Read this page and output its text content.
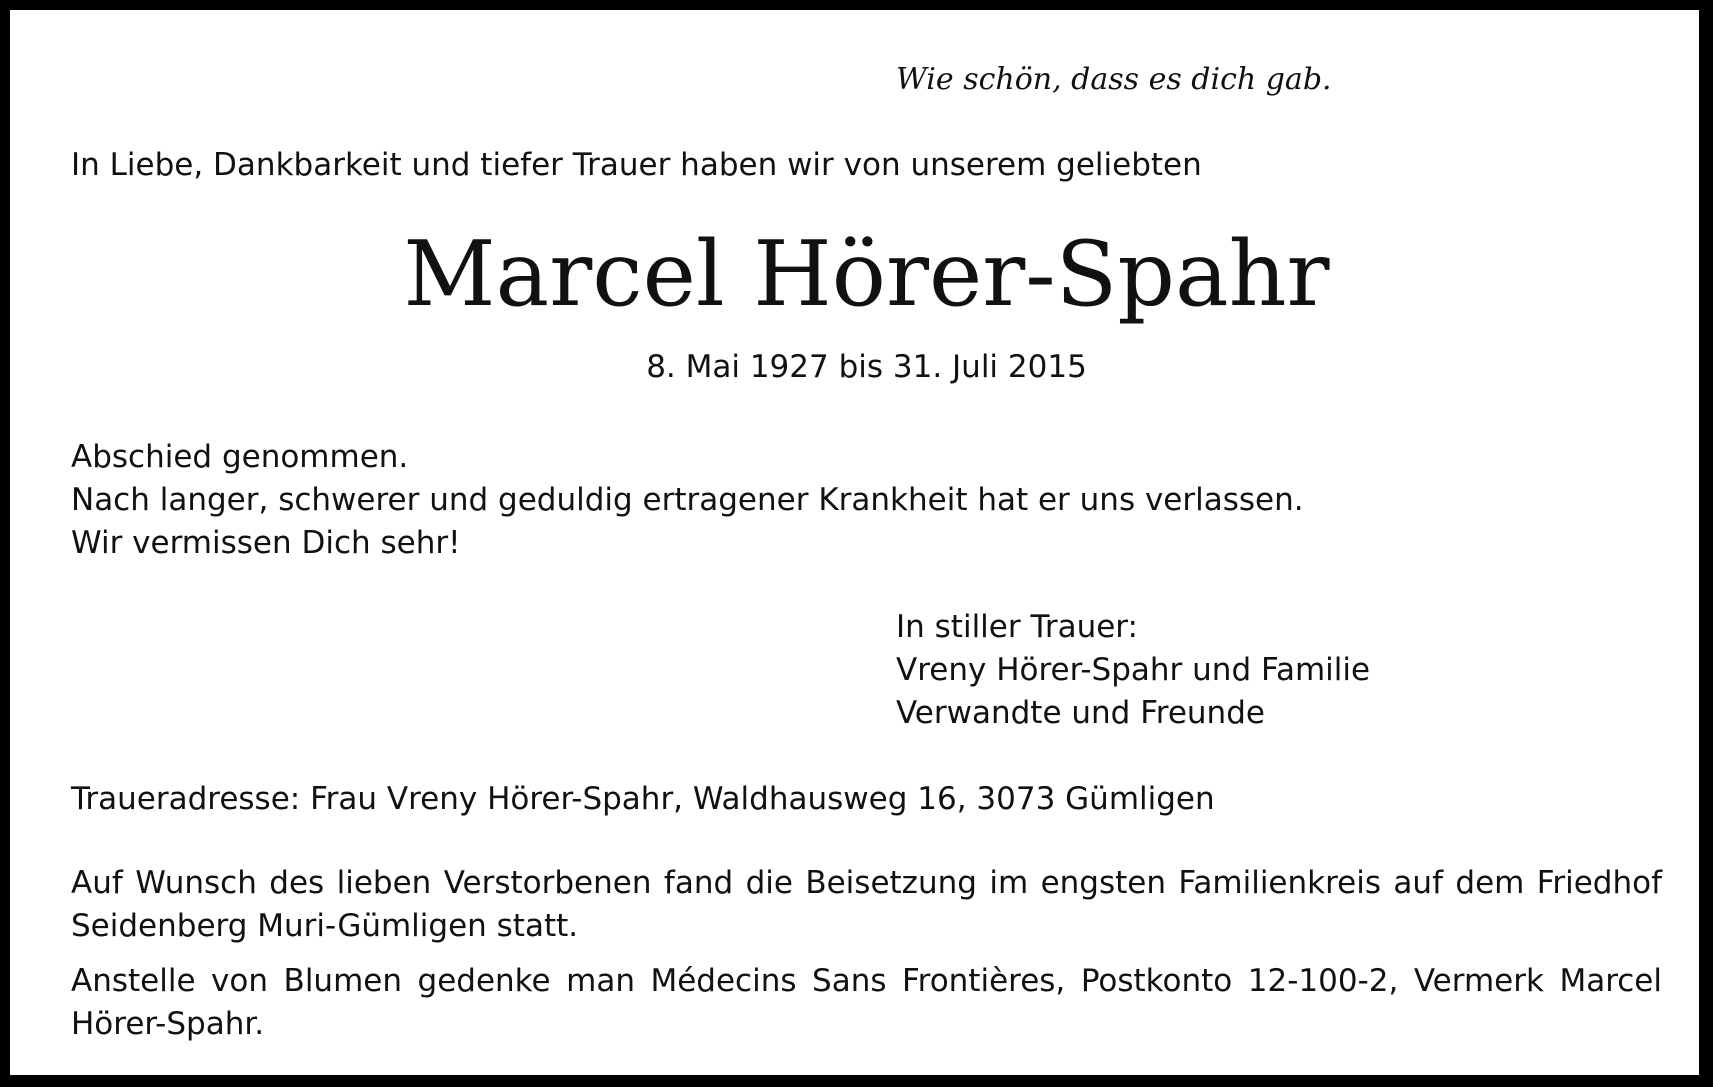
Wie schön, dass es dich gab.
In Liebe, Dankbarkeit und tiefer Trauer haben wir von unserem geliebten
Marcel Hörer-Spahr
8. Mai 1927 bis 31. Juli 2015
Abschied genommen.
Nach langer, schwerer und geduldig ertragener Krankheit hat er uns verlassen.
Wir vermissen Dich sehr!
In stiller Trauer:
Vreny Hörer-Spahr und Familie
Verwandte und Freunde
Traueradresse: Frau Vreny Hörer-Spahr, Waldhausweg 16, 3073 Gümligen
Auf Wunsch des lieben Verstorbenen fand die Beisetzung im engsten Familienkreis auf dem Friedhof Seidenberg Muri-Gümligen statt.
Anstelle von Blumen gedenke man Médecins Sans Frontières, Postkonto 12-100-2, Vermerk Marcel Hörer-Spahr.
